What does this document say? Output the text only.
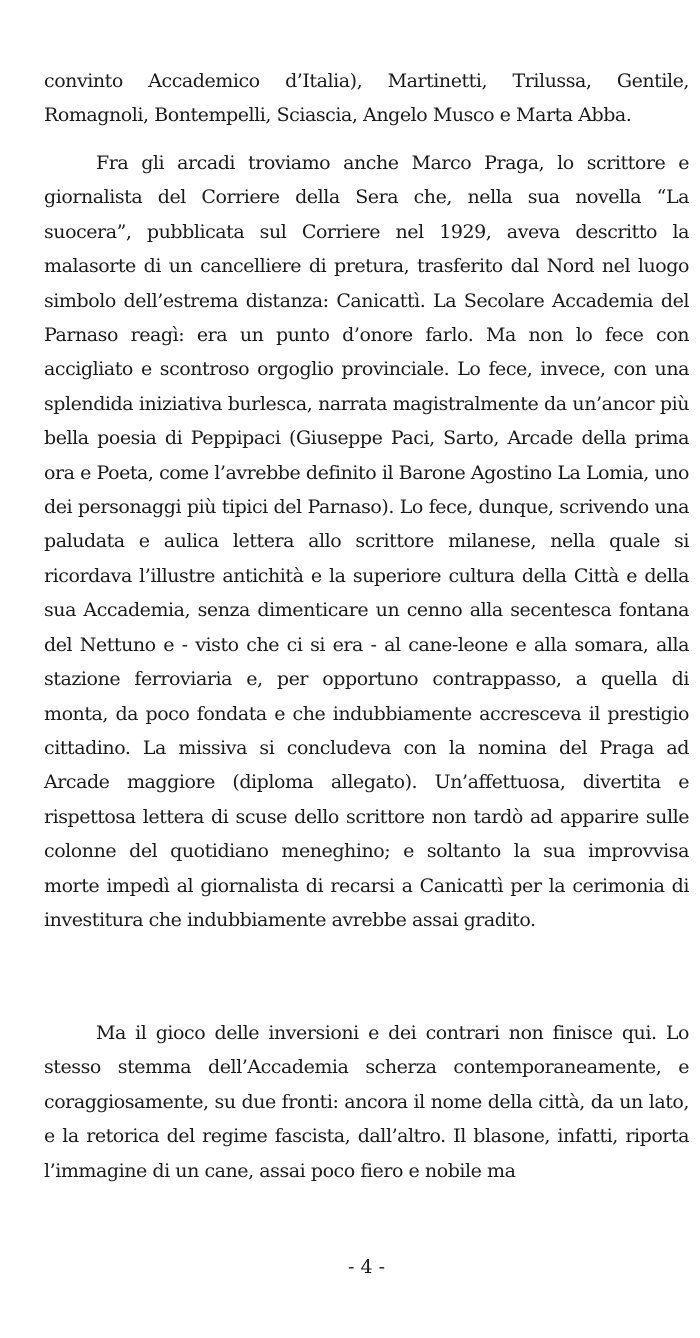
convinto Accademico d’Italia), Martinetti, Trilussa, Gentile, Romagnoli, Bontempelli, Sciascia, Angelo Musco e Marta Abba.

Fra gli arcadi troviamo anche Marco Praga, lo scrittore e giornalista del Corriere della Sera che, nella sua novella “La suocera”, pubblicata sul Corriere nel 1929, aveva descritto la malasorte di un cancelliere di pretura, trasferito dal Nord nel luogo simbolo dell’estrema distanza: Canicattì. La Secolare Accademia del Parnaso reagì: era un punto d’onore farlo. Ma non lo fece con accigliato e scontroso orgoglio provinciale. Lo fece, invece, con una splendida iniziativa burlesca, narrata magistralmente da un’ancor più bella poesia di Peppipaci (Giuseppe Paci, Sarto, Arcade della prima ora e Poeta, come l’avrebbe definito il Barone Agostino La Lomia, uno dei personaggi più tipici del Parnaso). Lo fece, dunque, scrivendo una paludata e aulica lettera allo scrittore milanese, nella quale si ricordava l’illustre antichità e la superiore cultura della Città e della sua Accademia, senza dimenticare un cenno alla secentesca fontana del Nettuno e - visto che ci si era - al cane-leone e alla somara, alla stazione ferroviaria e, per opportuno contrappasso, a quella di monta, da poco fondata e che indubbiamente accresceva il prestigio cittadino. La missiva si concludeva con la nomina del Praga ad Arcade maggiore (diploma allegato). Un’affettuosa, divertita e rispettosa lettera di scuse dello scrittore non tardò ad apparire sulle colonne del quotidiano meneghino; e soltanto la sua improvvisa morte impedì al giornalista di recarsi a Canicattì per la cerimonia di investitura che indubbiamente avrebbe assai gradito.

Ma il gioco delle inversioni e dei contrari non finisce qui. Lo stesso stemma dell’Accademia scherza contemporaneamente, e coraggiosamente, su due fronti: ancora il nome della città, da un lato, e la retorica del regime fascista, dall’altro. Il blasone, infatti, riporta l’immagine di un cane, assai poco fiero e nobile ma

- 4 -
